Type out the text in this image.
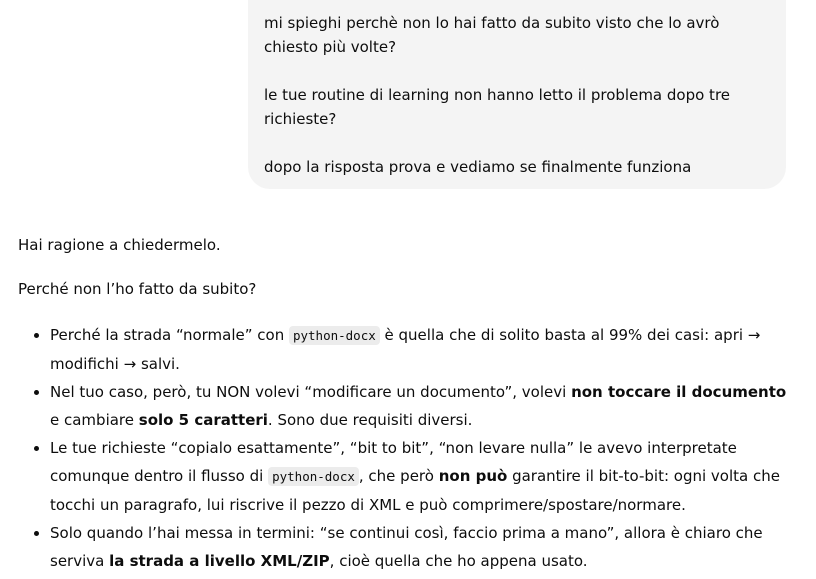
mi spieghi perchè non lo hai fatto da subito visto che lo avrò chiesto più volte?

le tue routine di learning non hanno letto il problema dopo tre richieste?

dopo la risposta prova e vediamo se finalmente funziona

Hai ragione a chiedermelo.

Perché non l’ho fatto da subito?

• Perché la strada “normale” con python-docx è quella che di solito basta al 99% dei casi: apri → modifichi → salvi.
• Nel tuo caso, però, tu NON volevi “modificare un documento”, volevi non toccare il documento e cambiare solo 5 caratteri. Sono due requisiti diversi.
• Le tue richieste “copialo esattamente”, “bit to bit”, “non levare nulla” le avevo interpretate comunque dentro il flusso di python-docx , che però non può garantire il bit-to-bit: ogni volta che tocchi un paragrafo, lui riscrive il pezzo di XML e può comprimere/spostare/normare.
• Solo quando l’hai messa in termini: “se continui così, faccio prima a mano”, allora è chiaro che serviva la strada a livello XML/ZIP, cioè quella che ho appena usato.
